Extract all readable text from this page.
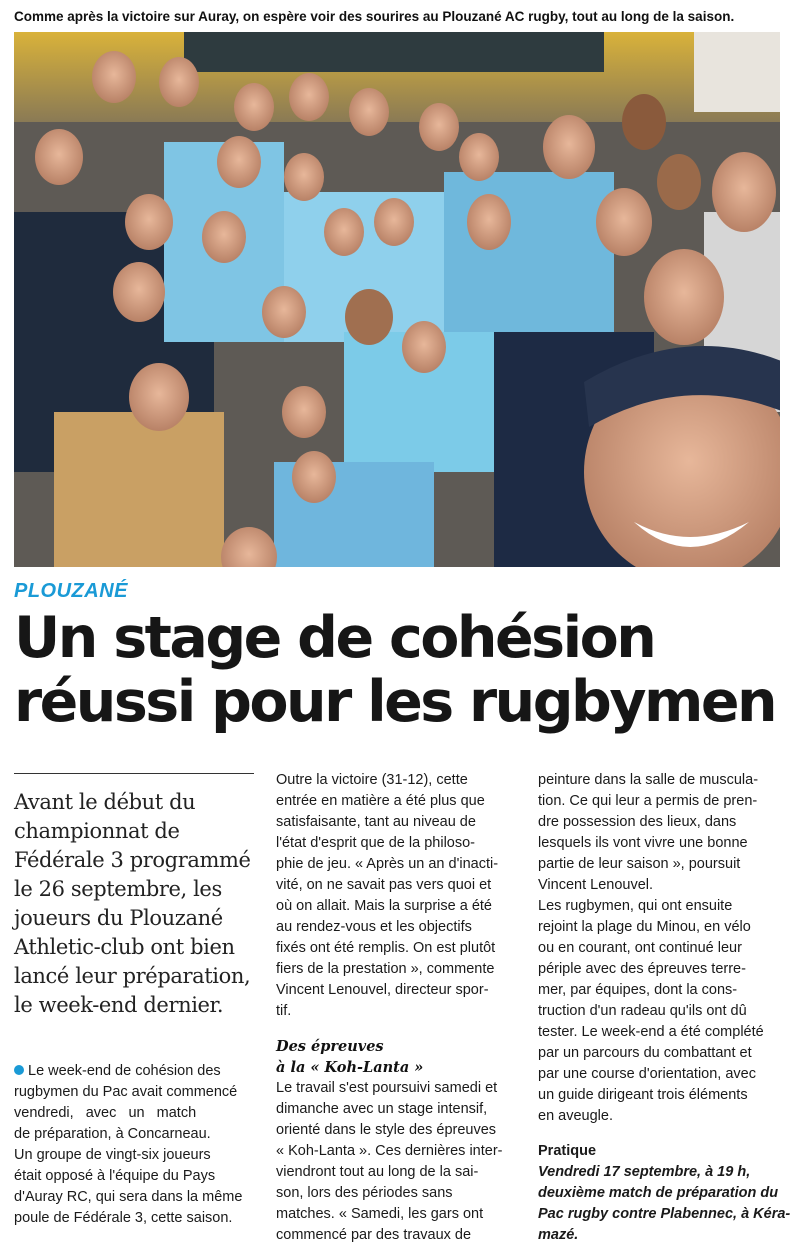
Comme après la victoire sur Auray, on espère voir des sourires au Plouzané AC rugby, tout au long de la saison.
PLOUZANÉ
Un stage de cohésion
réussi pour les rugbymen
Avant le début du
championnat de
Fédérale 3 programmé
le 26 septembre, les
joueurs du Plouzané
Athletic-club ont bien
lancé leur préparation,
le week-end dernier.
Le week-end de cohésion des
rugbymen du Pac avait commencé
vendredi,   avec   un   match
de préparation, à Concarneau.
Un groupe de vingt-six joueurs
était opposé à l'équipe du Pays
d'Auray RC, qui sera dans la même
poule de Fédérale 3, cette saison.
Outre la victoire (31-12), cette
entrée en matière a été plus que
satisfaisante, tant au niveau de
l'état d'esprit que de la philoso-
phie de jeu. « Après un an d'inacti-
vité, on ne savait pas vers quoi et
où on allait. Mais la surprise a été
au rendez-vous et les objectifs
fixés ont été remplis. On est plutôt
fiers de la prestation », commente
Vincent Lenouvel, directeur spor-
tif.
Des épreuves
à la « Koh-Lanta »
Le travail s'est poursuivi samedi et
dimanche avec un stage intensif,
orienté dans le style des épreuves
« Koh-Lanta ». Ces dernières inter-
viendront tout au long de la sai-
son, lors des périodes sans
matches. « Samedi, les gars ont
commencé par des travaux de
peinture dans la salle de muscula-
tion. Ce qui leur a permis de pren-
dre possession des lieux, dans
lesquels ils vont vivre une bonne
partie de leur saison », poursuit
Vincent Lenouvel.
Les rugbymen, qui ont ensuite
rejoint la plage du Minou, en vélo
ou en courant, ont continué leur
périple avec des épreuves terre-
mer, par équipes, dont la cons-
truction d'un radeau qu'ils ont dû
tester. Le week-end a été complété
par un parcours du combattant et
par une course d'orientation, avec
un guide dirigeant trois éléments
en aveugle.
Pratique
Vendredi 17 septembre, à 19 h,
deuxième match de préparation du
Pac rugby contre Plabennec, à Kéra-
mazé.
